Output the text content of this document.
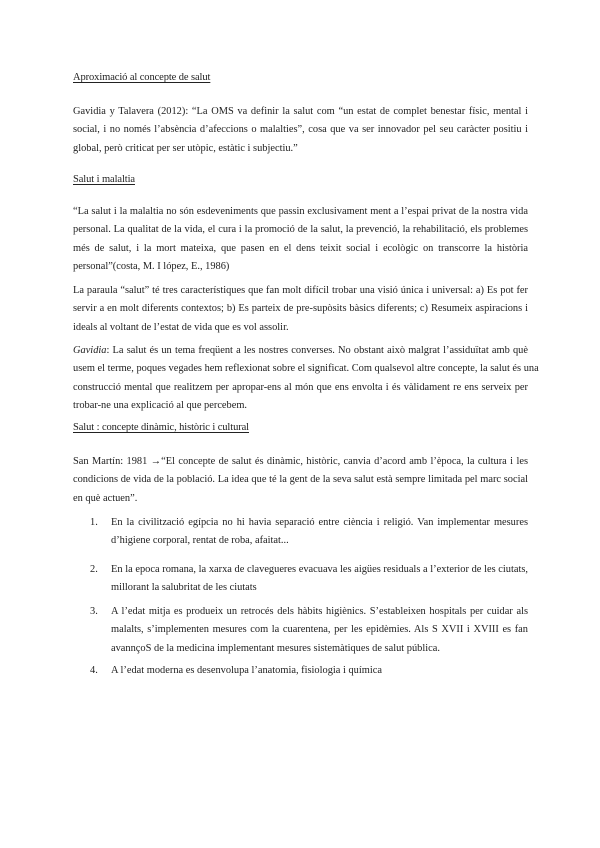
Aproximació al concepte de salut
Gavidia y Talavera (2012): “La OMS va definir la salut com “un estat de complet benestar físic, mental i
social, i no només l’absència d’afeccions o malalties”, cosa que va ser innovador pel seu caràcter positiu i
global, però criticat per ser utòpic, estàtic i subjectiu.”
Salut i malaltia
“La salut i la malaltia no són esdeveniments que passin exclusivament ment a l’espai privat de la nostra vida
personal. La qualitat de la vida, el cura i la promoció de la salut, la prevenció, la rehabilitació, els problemes
més de salut, i la mort mateixa, que pasen en el dens teixit social i ecològic on transcorre la història
personal”(costa, M. I lópez, E., 1986)
La paraula “salut” té tres característiques que fan molt difícil trobar una visió única i universal: a) Es pot fer
servir a en molt diferents contextos; b) Es parteix de pre-supòsits bàsics diferents; c) Resumeix aspiracions i
ideals al voltant de l’estat de vida que es vol assolir.
Gavidia: La salut és un tema freqüent a les nostres converses. No obstant això malgrat l’assiduïtat amb què
usem el terme, poques vegades hem reflexionat sobre el significat. Com qualsevol altre concepte, la salut és una
construcció mental que realitzem per apropar-ens al món que ens envolta i és vàlidament re ens serveix per
trobar-ne una explicació al que percebem.
Salut : concepte dinàmic, històric i cultural
San Martín: 1981 →“El concepte de salut és dinàmic, històric, canvia d’acord amb l’època, la cultura i les
condicions de vida de la població. La idea que té la gent de la seva salut està sempre limitada pel marc social
en què actuen”.
1.	En la civilització egípcia no hi havia separació entre ciència i religió. Van implementar mesures
d’higiene corporal, rentat de roba, afaitat...
2.	En la epoca romana, la xarxa de clavegueres evacuava les aigües residuals a l’exterior de les ciutats,
millorant la salubritat de les ciutats
3.	A l’edat mitja es produeix un retrocés dels hàbits higiènics. S’estableixen hospitals per cuidar als
malalts, s’implementen mesures com la cuarentena, per les epidèmies. Als S XVII i XVIII es fan
avannçoS de la medicina implementant mesures sistemàtiques de salut pública.
4.	A l’edat moderna es desenvolupa l’anatomia, fisiologia i química
